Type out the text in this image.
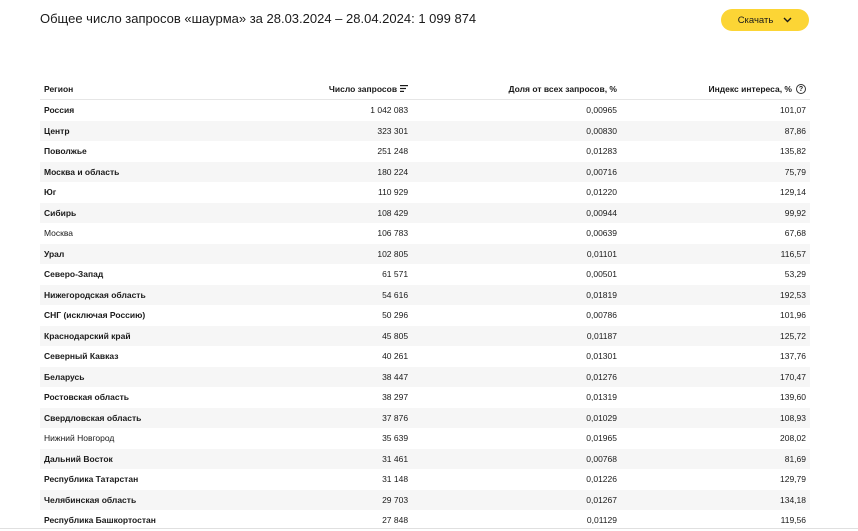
Общее число запросов «шаурма» за 28.03.2024 – 28.04.2024: 1 099 874	Скачать
Регион	Число запросов	Доля от всех запросов, %	Индекс интереса, % ?
Россия	1 042 083	0,00965	101,07
Центр	323 301	0,00830	87,86
Поволжье	251 248	0,01283	135,82
Москва и область	180 224	0,00716	75,79
Юг	110 929	0,01220	129,14
Сибирь	108 429	0,00944	99,92
Москва	106 783	0,00639	67,68
Урал	102 805	0,01101	116,57
Северо-Запад	61 571	0,00501	53,29
Нижегородская область	54 616	0,01819	192,53
СНГ (исключая Россию)	50 296	0,00786	101,96
Краснодарский край	45 805	0,01187	125,72
Северный Кавказ	40 261	0,01301	137,76
Беларусь	38 447	0,01276	170,47
Ростовская область	38 297	0,01319	139,60
Свердловская область	37 876	0,01029	108,93
Нижний Новгород	35 639	0,01965	208,02
Дальний Восток	31 461	0,00768	81,69
Республика Татарстан	31 148	0,01226	129,79
Челябинская область	29 703	0,01267	134,18
Республика Башкортостан	27 848	0,01129	119,56
